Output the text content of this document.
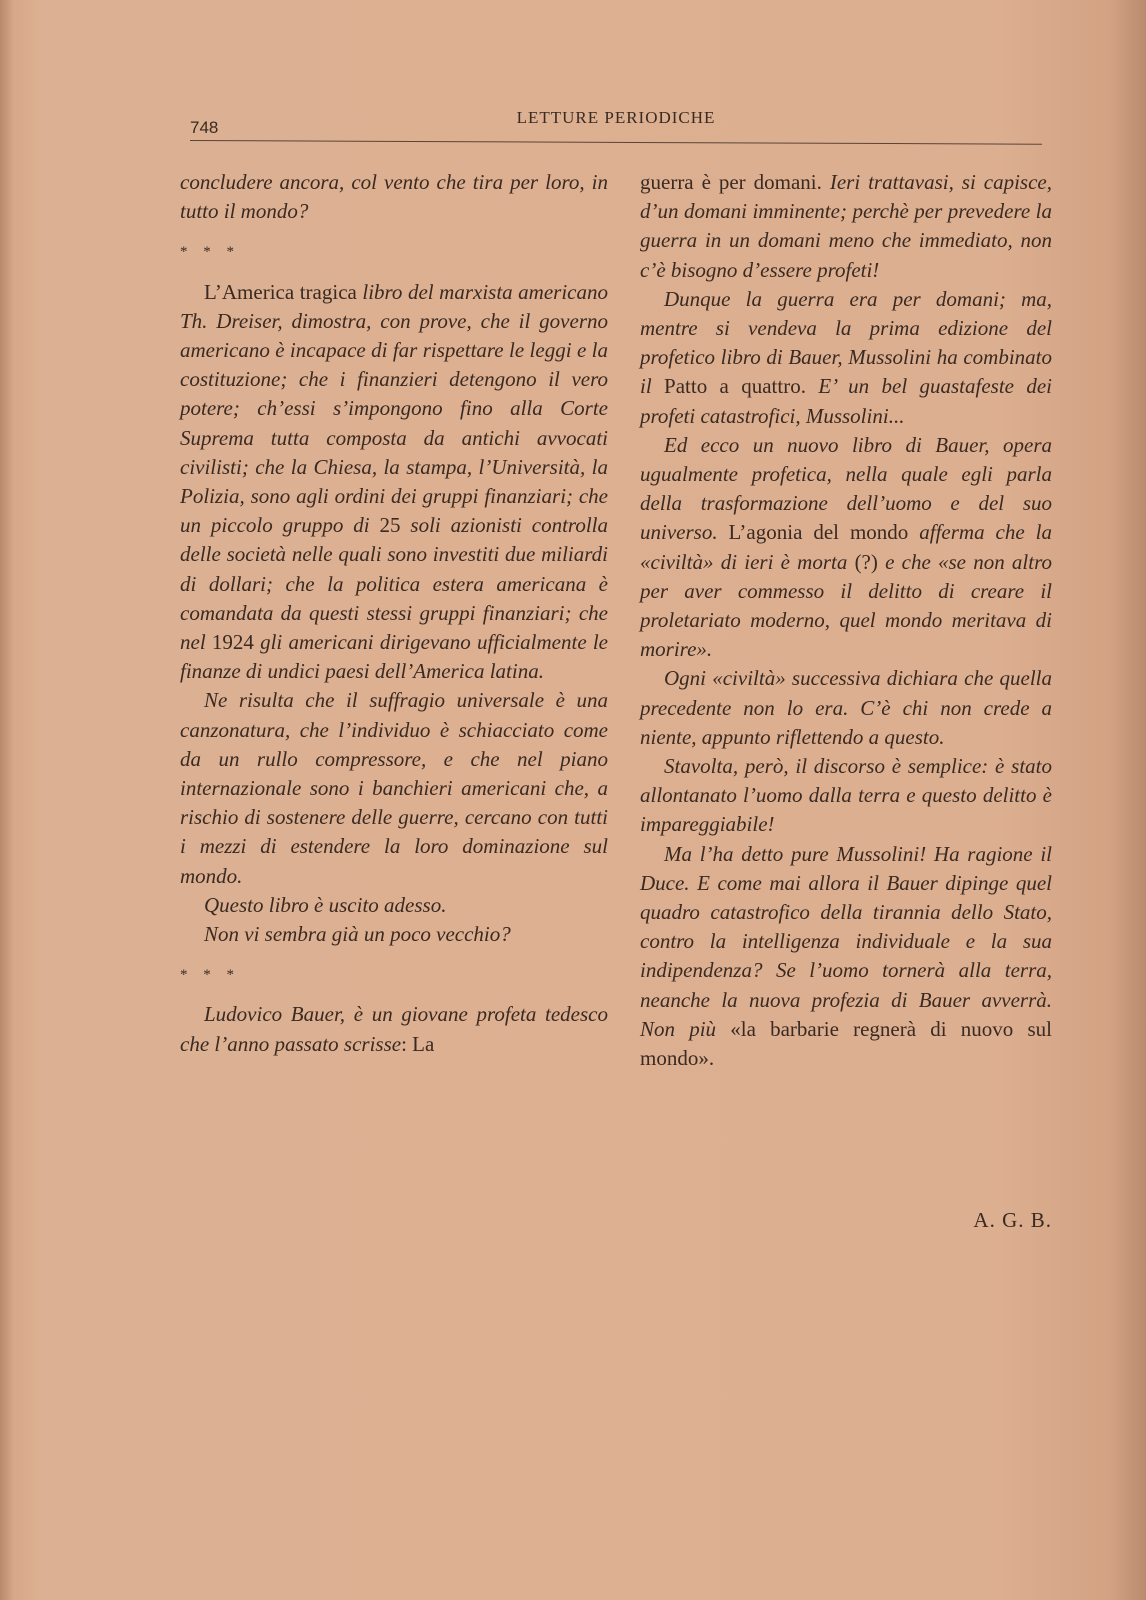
748
LETTURE PERIODICHE

concludere ancora, col vento che tira per loro, in tutto il mondo?

* * *

L’America tragica libro del marxista americano Th. Dreiser, dimostra, con prove, che il governo americano è incapace di far rispettare le leggi e la costituzione; che i finanzieri detengono il vero potere; ch’essi s’impongono fino alla Corte Suprema tutta composta da antichi avvocati civilisti; che la Chiesa, la stampa, l’Università, la Polizia, sono agli ordini dei gruppi finanziari; che un piccolo gruppo di 25 soli azionisti controlla delle società nelle quali sono investiti due miliardi di dollari; che la politica estera americana è comandata da questi stessi gruppi finanziari; che nel 1924 gli americani dirigevano ufficialmente le finanze di undici paesi dell’America latina.

Ne risulta che il suffragio universale è una canzonatura, che l’individuo è schiacciato come da un rullo compressore, e che nel piano internazionale sono i banchieri americani che, a rischio di sostenere delle guerre, cercano con tutti i mezzi di estendere la loro dominazione sul mondo.

Questo libro è uscito adesso.

Non vi sembra già un poco vecchio?

* * *

Ludovico Bauer, è un giovane profeta tedesco che l’anno passato scrisse: La

guerra è per domani. Ieri trattavasi, si capisce, d’un domani imminente; perchè per prevedere la guerra in un domani meno che immediato, non c’è bisogno d’essere profeti!

Dunque la guerra era per domani; ma, mentre si vendeva la prima edizione del profetico libro di Bauer, Mussolini ha combinato il Patto a quattro. E’ un bel guastafeste dei profeti catastrofici, Mussolini...

Ed ecco un nuovo libro di Bauer, opera ugualmente profetica, nella quale egli parla della trasformazione dell’uomo e del suo universo. L’agonia del mondo afferma che la «civiltà» di ieri è morta (?) e che «se non altro per aver commesso il delitto di creare il proletariato moderno, quel mondo meritava di morire».

Ogni «civiltà» successiva dichiara che quella precedente non lo era. C’è chi non crede a niente, appunto riflettendo a questo.

Stavolta, però, il discorso è semplice: è stato allontanato l’uomo dalla terra e questo delitto è impareggiabile!

Ma l’ha detto pure Mussolini! Ha ragione il Duce. E come mai allora il Bauer dipinge quel quadro catastrofico della tirannia dello Stato, contro la intelligenza individuale e la sua indipendenza? Se l’uomo tornerà alla terra, neanche la nuova profezia di Bauer avverrà. Non più «la barbarie regnerà di nuovo sul mondo».

A. G. B.
